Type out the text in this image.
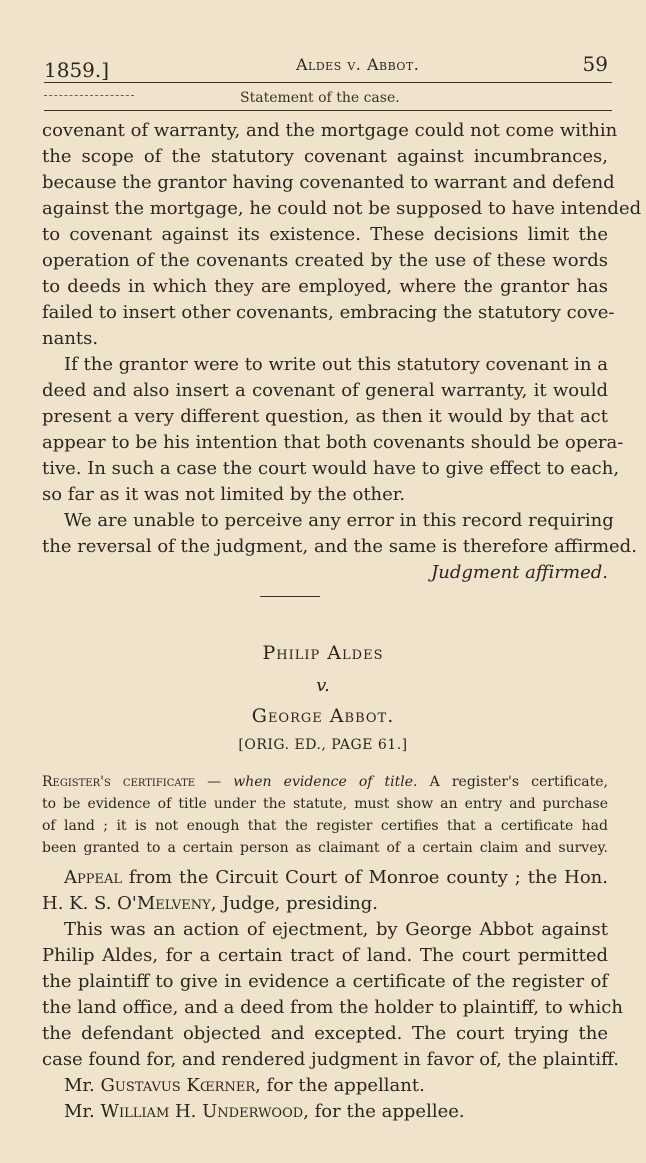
1859.]	Aldes v. Abbot.	59
Statement of the case.
covenant of warranty, and the mortgage could not come within
the scope of the statutory covenant against incumbrances,
because the grantor having covenanted to warrant and defend
against the mortgage, he could not be supposed to have intended
to covenant against its existence. These decisions limit the
operation of the covenants created by the use of these words
to deeds in which they are employed, where the grantor has
failed to insert other covenants, embracing the statutory cove-
nants.
If the grantor were to write out this statutory covenant in a
deed and also insert a covenant of general warranty, it would
present a very different question, as then it would by that act
appear to be his intention that both covenants should be opera-
tive. In such a case the court would have to give effect to each,
so far as it was not limited by the other.
We are unable to perceive any error in this record requiring
the reversal of the judgment, and the same is therefore affirmed.
Judgment affirmed.
Philip Aldes
v.
George Abbot.
[ORIG. ED., PAGE 61.]
Register's certificate — when evidence of title. A register's certificate,
to be evidence of title under the statute, must show an entry and purchase
of land ; it is not enough that the register certifies that a certificate had
been granted to a certain person as claimant of a certain claim and survey.
Appeal from the Circuit Court of Monroe county ; the Hon.
H. K. S. O'Melveny, Judge, presiding.
This was an action of ejectment, by George Abbot against
Philip Aldes, for a certain tract of land. The court permitted
the plaintiff to give in evidence a certificate of the register of
the land office, and a deed from the holder to plaintiff, to which
the defendant objected and excepted. The court trying the
case found for, and rendered judgment in favor of, the plaintiff.
Mr. Gustavus Kœrner, for the appellant.
Mr. William H. Underwood, for the appellee.
